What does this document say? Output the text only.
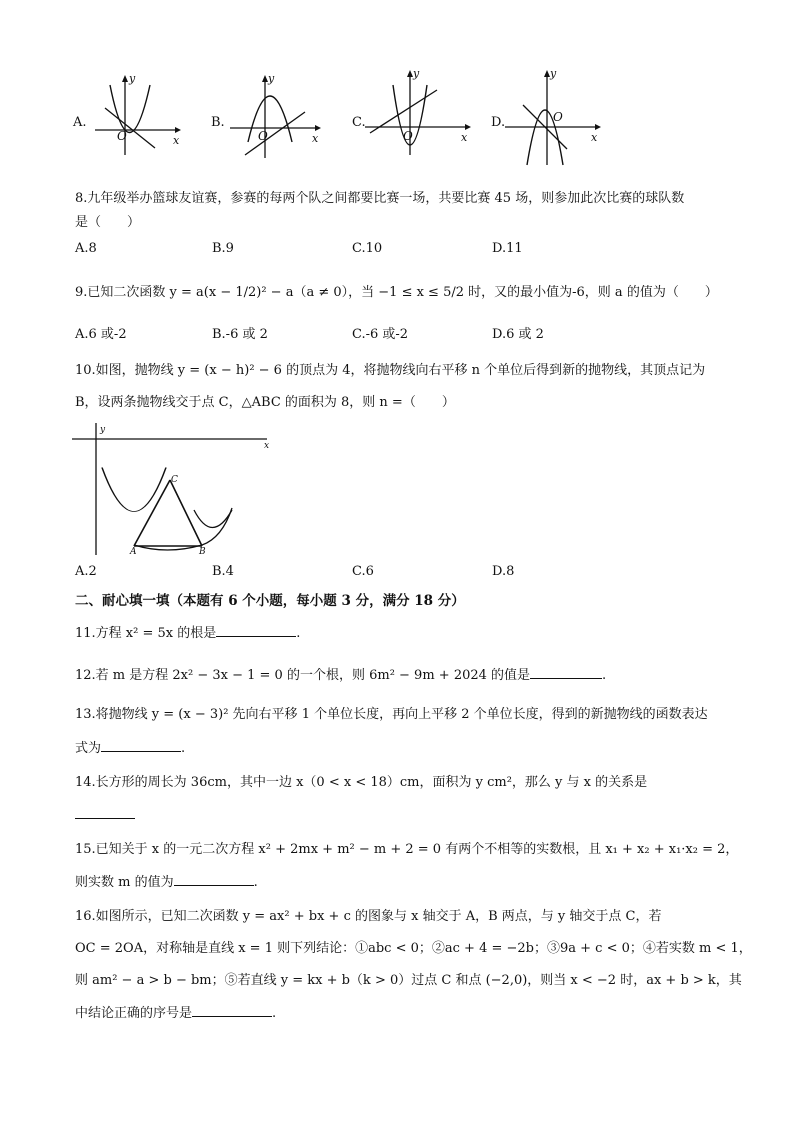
A.
O
y
x
B.
O
y
x
C.
O
y
x
D.	O
y
x
8.九年级举办篮球友谊赛，参赛的每两个队之间都要比赛一场，共要比赛 45 场，则参加此次比赛的球队数
是（　　）
A.8	B.9	C.10	D.11
9.已知二次函数 y = a(x − 1/2)² − a（a ≠ 0），当 −1 ≤ x ≤ 5/2 时，又的最小值为-6，则 a 的值为（　　）
A.6 或-2	B.-6 或 2	C.-6 或-2	D.6 或 2
10.如图，抛物线 y = (x − h)² − 6 的顶点为 4，将抛物线向右平移 n 个单位后得到新的抛物线，其顶点记为
B，设两条抛物线交于点 C，△ABC 的面积为 8，则 n =（　　）
y
x
C
A	B
A.2	B.4	C.6	D.8
二、耐心填一填（本题有 6 个小题，每小题 3 分，满分 18 分）
11.方程 x² = 5x 的根是	.
12.若 m 是方程 2x² − 3x − 1 = 0 的一个根，则 6m² − 9m + 2024 的值是	.
13.将抛物线 y = (x − 3)² 先向右平移 1 个单位长度，再向上平移 2 个单位长度，得到的新抛物线的函数表达
式为	.
14.长方形的周长为 36cm，其中一边 x（0 < x < 18）cm，面积为 y cm²，那么 y 与 x 的关系是
15.已知关于 x 的一元二次方程 x² + 2mx + m² − m + 2 = 0 有两个不相等的实数根，且 x₁ + x₂ + x₁·x₂ = 2，
则实数 m 的值为	.
16.如图所示，已知二次函数 y = ax² + bx + c 的图象与 x 轴交于 A，B 两点，与 y 轴交于点 C，若
OC = 2OA，对称轴是直线 x = 1 则下列结论：①abc < 0；②ac + 4 = −2b；③9a + c < 0；④若实数 m < 1，
则 am² − a > b − bm；⑤若直线 y = kx + b（k > 0）过点 C 和点 (−2,0)，则当 x < −2 时，ax + b > k，其
中结论正确的序号是	.
